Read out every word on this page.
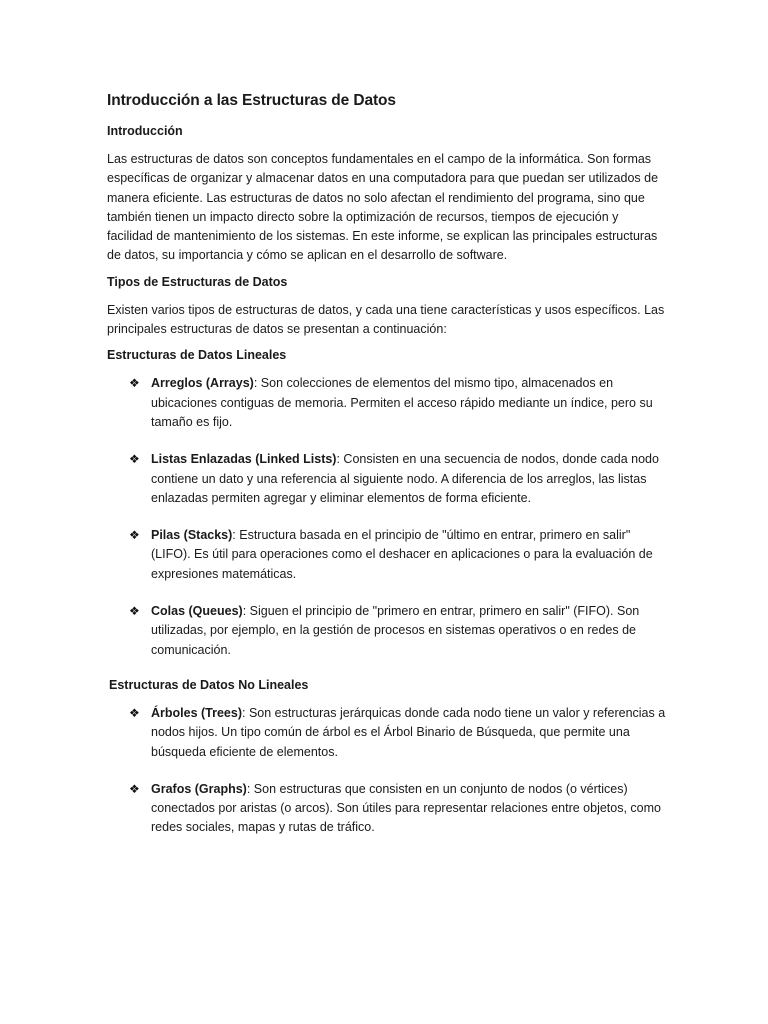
Introducción a las Estructuras de Datos
Introducción

Las estructuras de datos son conceptos fundamentales en el campo de la informática. Son formas específicas de organizar y almacenar datos en una computadora para que puedan ser utilizados de manera eficiente. Las estructuras de datos no solo afectan el rendimiento del programa, sino que también tienen un impacto directo sobre la optimización de recursos, tiempos de ejecución y facilidad de mantenimiento de los sistemas. En este informe, se explican las principales estructuras de datos, su importancia y cómo se aplican en el desarrollo de software.

Tipos de Estructuras de Datos

Existen varios tipos de estructuras de datos, y cada una tiene características y usos específicos. Las principales estructuras de datos se presentan a continuación:

Estructuras de Datos Lineales
❖ Arreglos (Arrays): Son colecciones de elementos del mismo tipo, almacenados en ubicaciones contiguas de memoria. Permiten el acceso rápido mediante un índice, pero su tamaño es fijo.
❖ Listas Enlazadas (Linked Lists): Consisten en una secuencia de nodos, donde cada nodo contiene un dato y una referencia al siguiente nodo. A diferencia de los arreglos, las listas enlazadas permiten agregar y eliminar elementos de forma eficiente.
❖ Pilas (Stacks): Estructura basada en el principio de "último en entrar, primero en salir" (LIFO). Es útil para operaciones como el deshacer en aplicaciones o para la evaluación de expresiones matemáticas.
❖ Colas (Queues): Siguen el principio de "primero en entrar, primero en salir" (FIFO). Son utilizadas, por ejemplo, en la gestión de procesos en sistemas operativos o en redes de comunicación.
Estructuras de Datos No Lineales
❖ Árboles (Trees): Son estructuras jerárquicas donde cada nodo tiene un valor y referencias a nodos hijos. Un tipo común de árbol es el Árbol Binario de Búsqueda, que permite una búsqueda eficiente de elementos.
❖ Grafos (Graphs): Son estructuras que consisten en un conjunto de nodos (o vértices) conectados por aristas (o arcos). Son útiles para representar relaciones entre objetos, como redes sociales, mapas y rutas de tráfico.
